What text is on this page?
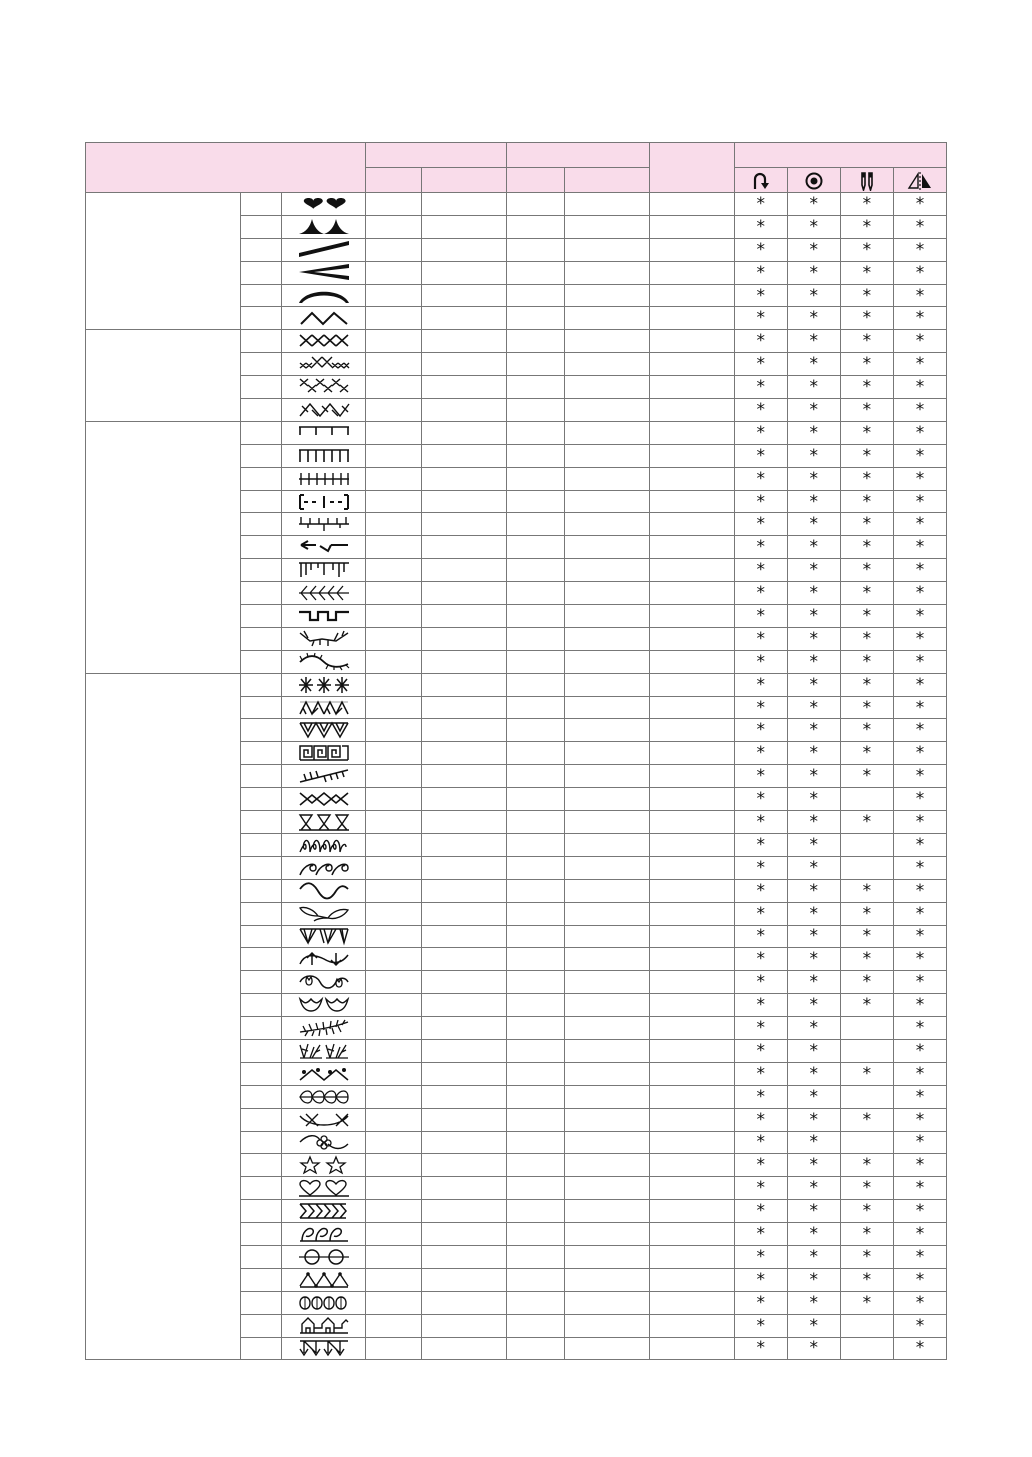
						*	*	*	*

						*	*	*	*

						*	*	*	*

						*	*	*	*

						*	*	*	*

						*	*	*	*

						*	*	*	*

						*	*	*	*

						*	*	*	*

						*	*	*	*

						*	*	*	*

						*	*	*	*

						*	*	*	*

						*	*	*	*

						*	*	*	*

						*	*	*	*

						*	*	*	*

						*	*	*	*

						*	*	*	*

						*	*	*	*

						*	*	*	*

						*	*	*	*

						*	*	*	*

						*	*	*	*

						*	*	*	*

						*	*	*	*

						*	*		*

						*	*	*	*

						*	*		*

						*	*		*

						*	*	*	*

						*	*	*	*

						*	*	*	*

						*	*	*	*

						*	*	*	*

						*	*	*	*

						*	*		*

						*	*		*

						*	*	*	*

						*	*		*

						*	*	*	*

						*	*		*

						*	*	*	*

						*	*	*	*

						*	*	*	*

						*	*	*	*

						*	*	*	*

						*	*	*	*

						*	*	*	*

						*	*		*

						*	*		*
